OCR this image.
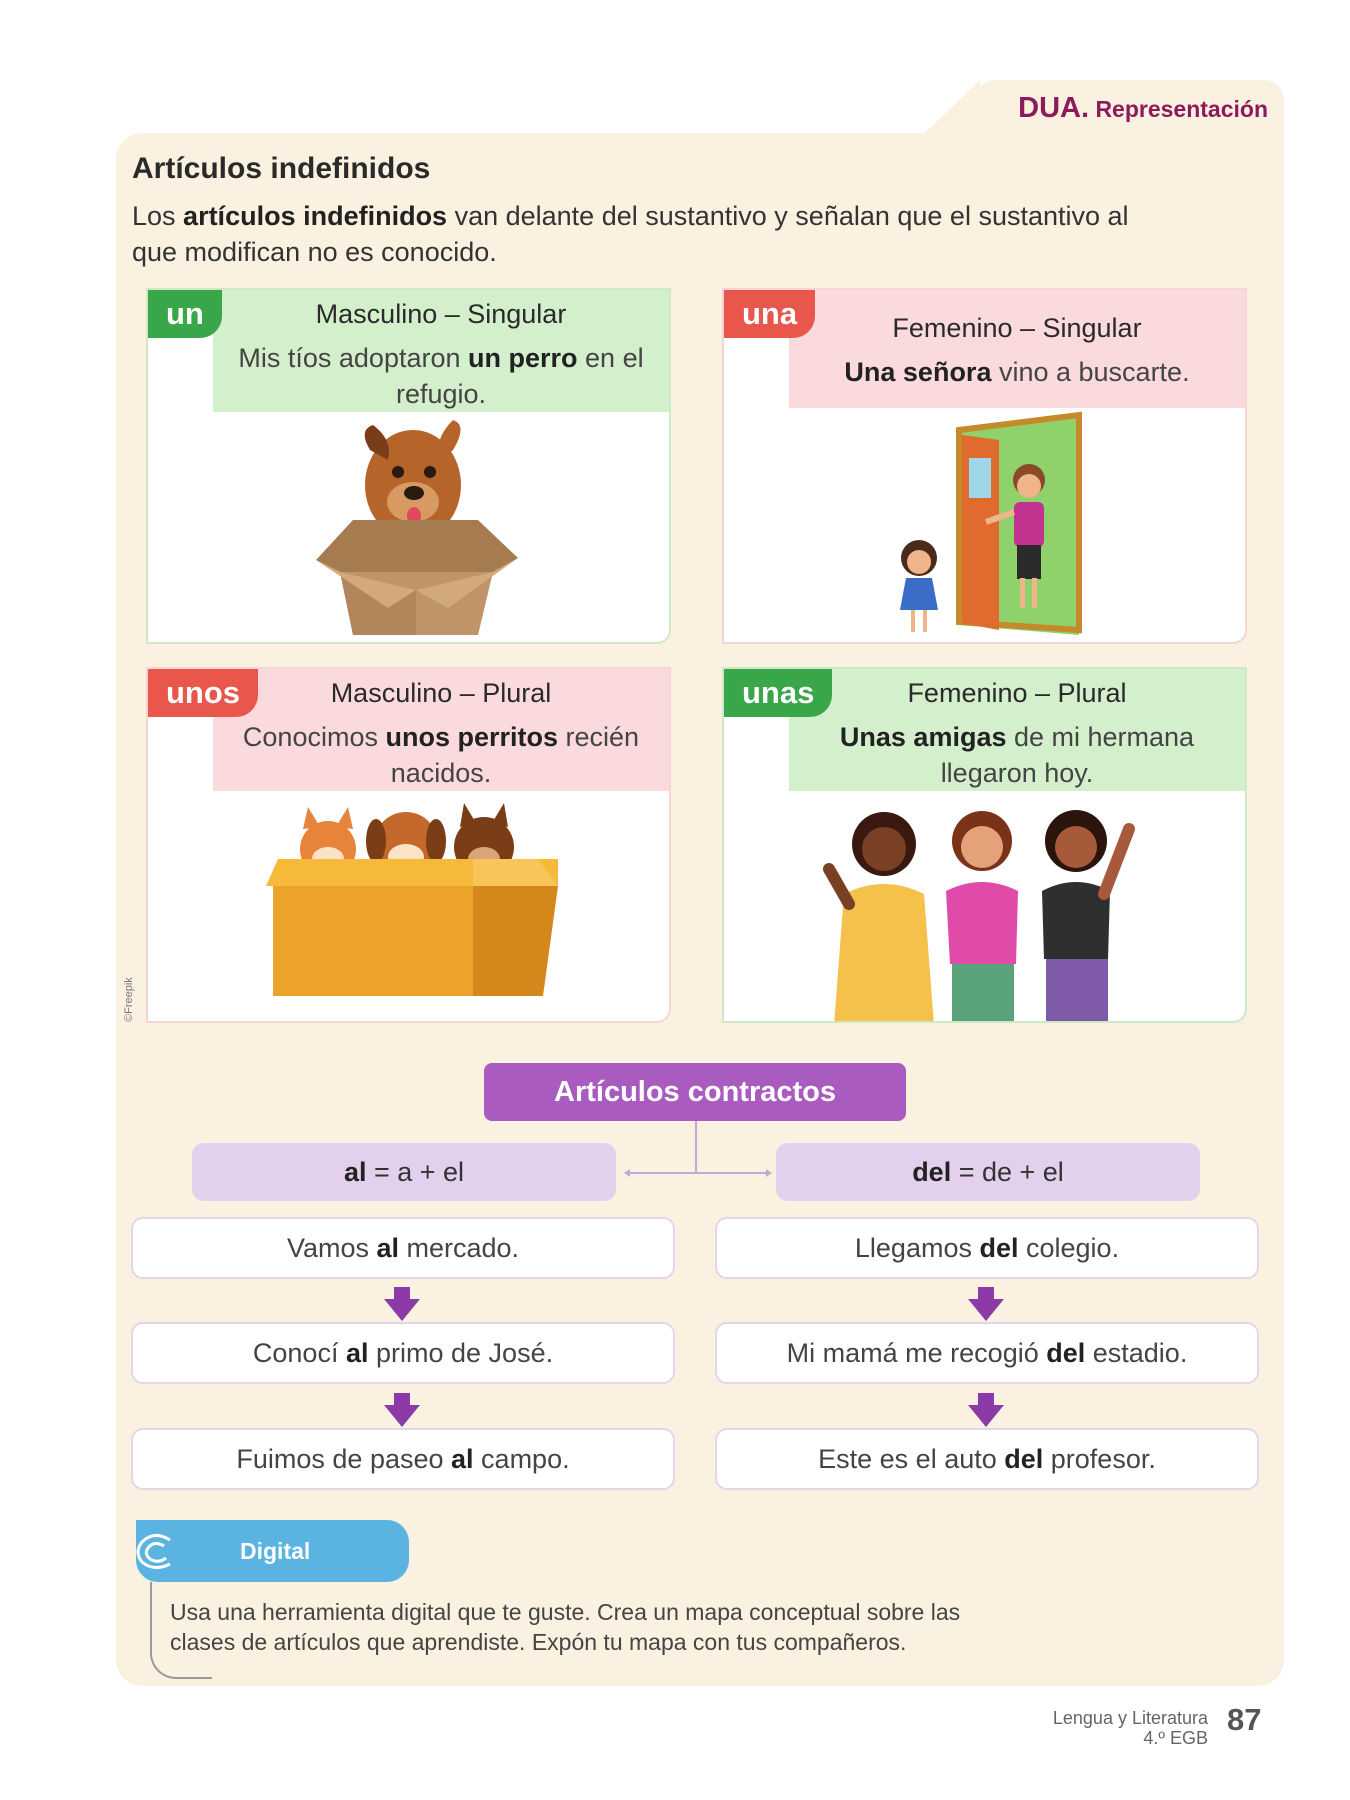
DUA. Representación
Artículos indefinidos

Los artículos indefinidos van delante del sustantivo y señalan que el sustantivo al que modifican no es conocido.

Masculino – Singular
Mis tíos adoptaron un perro en el refugio.
un	Femenino – Singular
Una señora vino a buscarte.
una
Masculino – Plural
Conocimos unos perritos recién nacidos.
unos	Femenino – Plural
Unas amigas de mi hermana llegaron hoy.
unas
©Freepik
Artículos contractos
al = a + el	del = de + el
Vamos al mercado.
Conocí al primo de José.
Fuimos de paseo al campo.
Llegamos del colegio.
Mi mamá me recogió del estadio.
Este es el auto del profesor.
Digital

Usa una herramienta digital que te guste. Crea un mapa conceptual sobre las clases de artículos que aprendiste. Expón tu mapa con tus compañeros.

Lengua y Literatura
4.º EGB
87
